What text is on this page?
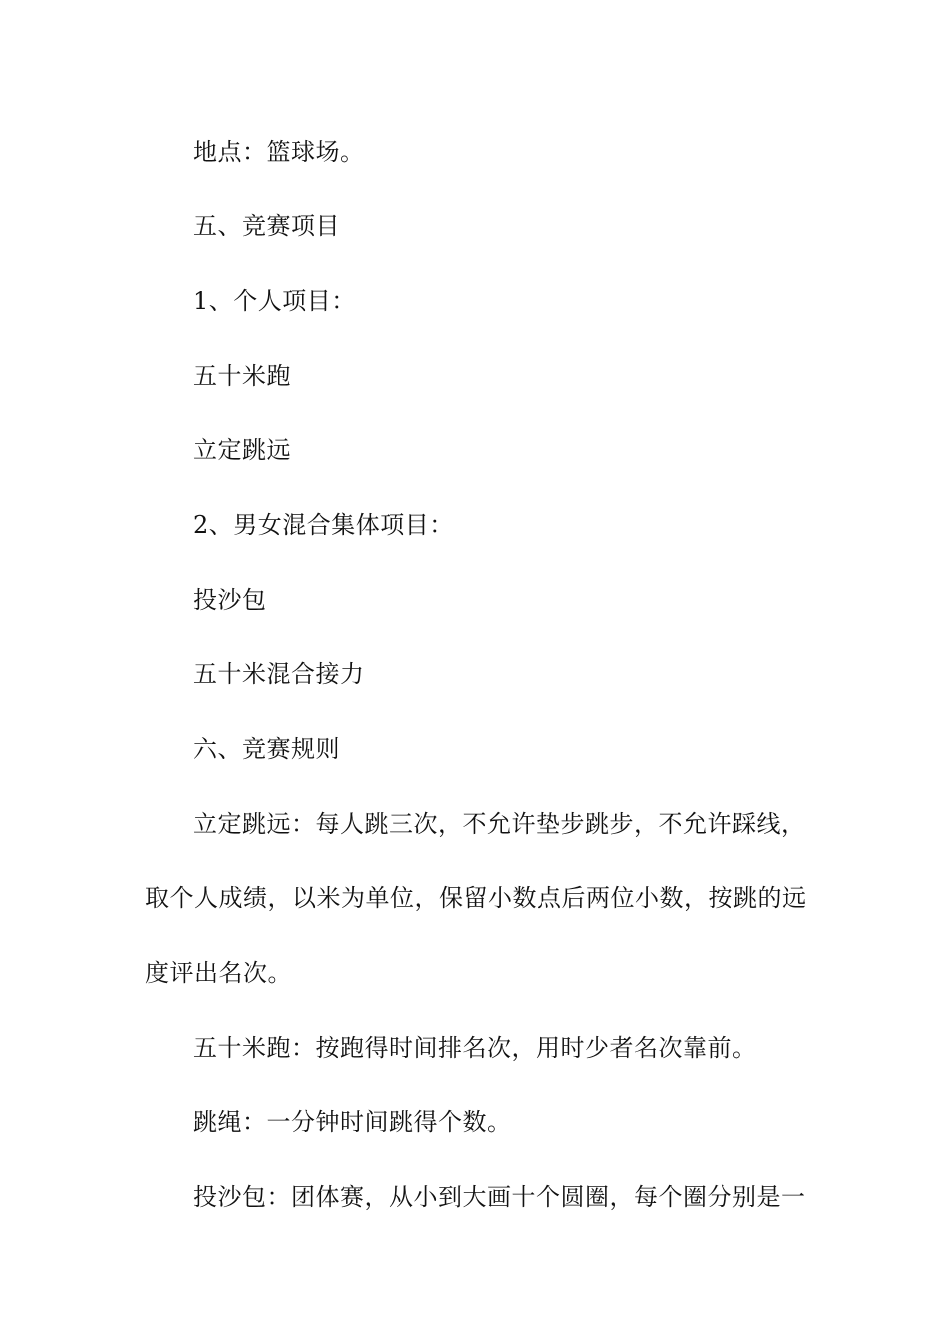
地点：篮球场。
五、竞赛项目
1、个人项目：
五十米跑
立定跳远
2、男女混合集体项目：
投沙包
五十米混合接力
六、竞赛规则
立定跳远：每人跳三次，不允许垫步跳步，不允许踩线，
取个人成绩，以米为单位，保留小数点后两位小数，按跳的远
度评出名次。
五十米跑：按跑得时间排名次，用时少者名次靠前。
跳绳：一分钟时间跳得个数。
投沙包：团体赛，从小到大画十个圆圈，每个圈分别是一
